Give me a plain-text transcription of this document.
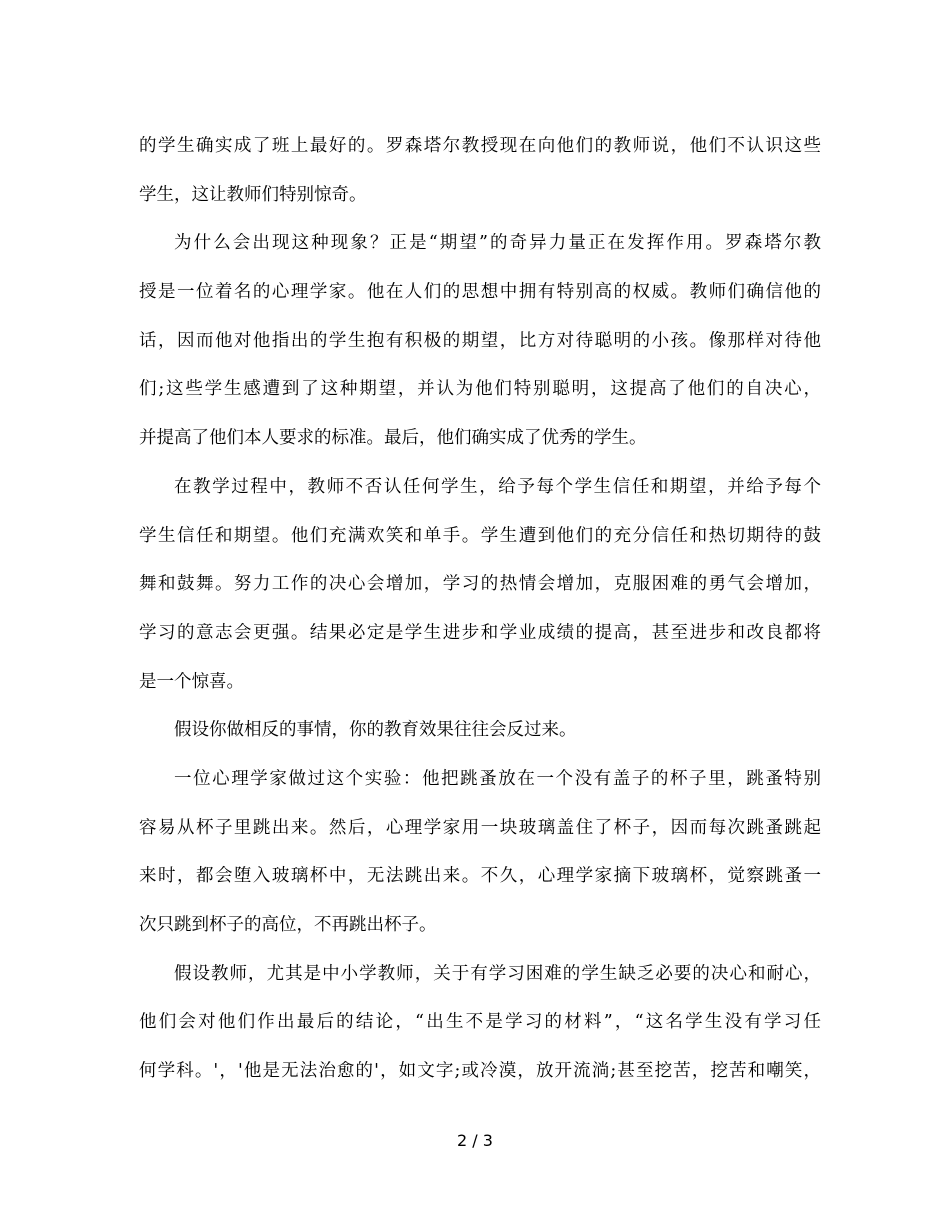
的学生确实成了班上最好的。罗森塔尔教授现在向他们的教师说，他们不认识这些
学生，这让教师们特别惊奇。
为什么会出现这种现象？正是“期望”的奇异力量正在发挥作用。罗森塔尔教
授是一位着名的心理学家。他在人们的思想中拥有特别高的权威。教师们确信他的
话，因而他对他指出的学生抱有积极的期望，比方对待聪明的小孩。像那样对待他
们;这些学生感遭到了这种期望，并认为他们特别聪明，这提高了他们的自决心，
并提高了他们本人要求的标准。最后，他们确实成了优秀的学生。
在教学过程中，教师不否认任何学生，给予每个学生信任和期望，并给予每个
学生信任和期望。他们充满欢笑和单手。学生遭到他们的充分信任和热切期待的鼓
舞和鼓舞。努力工作的决心会增加，学习的热情会增加，克服困难的勇气会增加，
学习的意志会更强。结果必定是学生进步和学业成绩的提高，甚至进步和改良都将
是一个惊喜。
假设你做相反的事情，你的教育效果往往会反过来。
一位心理学家做过这个实验：他把跳蚤放在一个没有盖子的杯子里，跳蚤特别
容易从杯子里跳出来。然后，心理学家用一块玻璃盖住了杯子，因而每次跳蚤跳起
来时，都会堕入玻璃杯中，无法跳出来。不久，心理学家摘下玻璃杯，觉察跳蚤一
次只跳到杯子的高位，不再跳出杯子。
假设教师，尤其是中小学教师，关于有学习困难的学生缺乏必要的决心和耐心，
他们会对他们作出最后的结论，“出生不是学习的材料”，“这名学生没有学习任
何学科。'，'他是无法治愈的'，如文字;或冷漠，放开流淌;甚至挖苦，挖苦和嘲笑，
2 / 3
